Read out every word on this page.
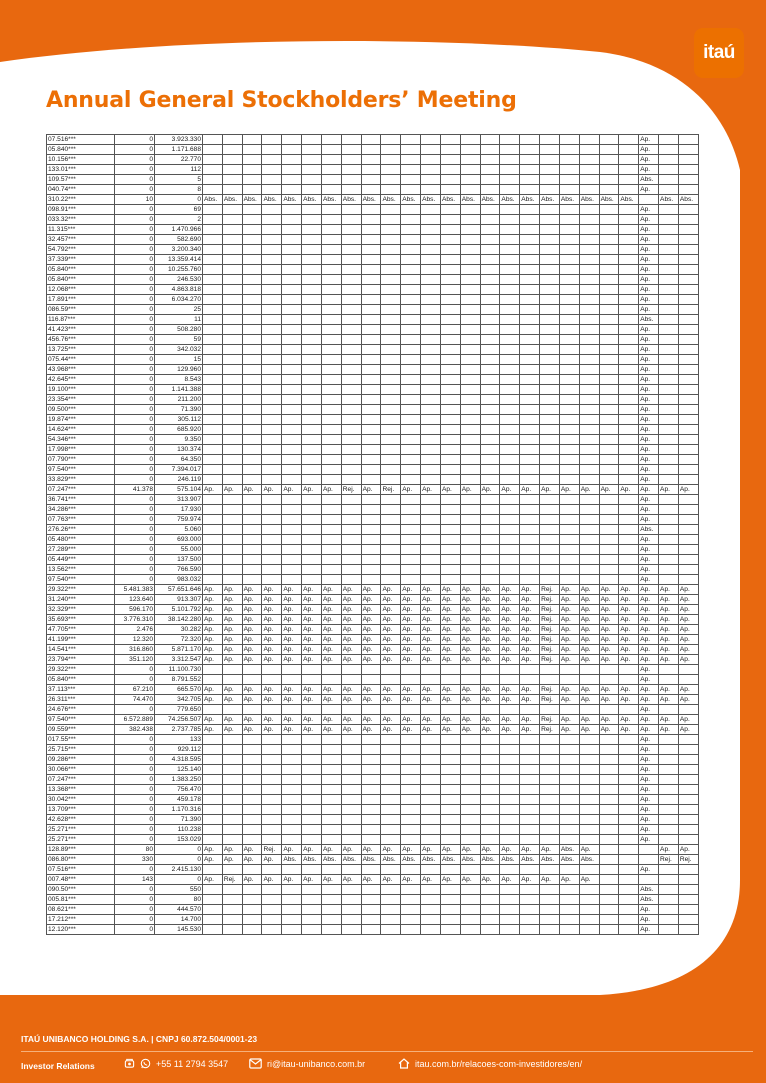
itaú
Annual General Stockholders’ Meeting
07.516***	0	3.923.330																							Ap.		
05.840***	0	1.171.688																							Ap.		
10.156***	0	22.770																							Ap.		
133.01***	0	112																							Ap.		
109.57***	0	5																							Abs.		
040.74***	0	8																							Ap.		
310.22***	10	0	Abs.	Abs.	Abs.	Abs.	Abs.	Abs.	Abs.	Abs.	Abs.	Abs.	Abs.	Abs.	Abs.	Abs.	Abs.	Abs.	Abs.	Abs.	Abs.	Abs.	Abs.	Abs.		Abs.	Abs.
098.91***	0	69																							Ap.		
033.32***	0	2																							Ap.		
11.315***	0	1.470.966																							Ap.		
32.457***	0	582.690																							Ap.		
54.792***	0	3.200.340																							Ap.		
37.339***	0	13.359.414																							Ap.		
05.840***	0	10.255.760																							Ap.		
05.840***	0	246.530																							Ap.		
12.068***	0	4.863.818																							Ap.		
17.891***	0	6.034.270																							Ap.		
086.59***	0	25																							Ap.		
116.87***	0	11																							Abs.		
41.423***	0	508.280																							Ap.		
456.76***	0	59																							Ap.		
13.725***	0	342.032																							Ap.		
075.44***	0	15																							Ap.		
43.968***	0	129.960																							Ap.		
42.645***	0	8.543																							Ap.		
19.100***	0	1.141.388																							Ap.		
23.354***	0	211.200																							Ap.		
09.500***	0	71.390																							Ap.		
19.874***	0	305.112																							Ap.		
14.624***	0	685.920																							Ap.		
54.346***	0	9.350																							Ap.		
17.998***	0	130.374																							Ap.		
07.790***	0	64.350																							Ap.		
97.540***	0	7.394.017																							Ap.		
33.829***	0	246.119																							Ap.		
07.247***	41.378	575.104	Ap.	Ap.	Ap.	Ap.	Ap.	Ap.	Ap.	Rej.	Ap.	Rej.	Ap.	Ap.	Ap.	Ap.	Ap.	Ap.	Ap.	Ap.	Ap.	Ap.	Ap.	Ap.	Ap.	Ap.	Ap.
36.741***	0	313.907																							Ap.		
34.286***	0	17.930																							Ap.		
07.763***	0	759.974																							Ap.		
276.26***	0	5.060																							Abs.		
05.480***	0	693.000																							Ap.		
27.289***	0	55.000																							Ap.		
05.449***	0	137.500																							Ap.		
13.562***	0	766.590																							Ap.		
97.540***	0	983.032																							Ap.		
29.322***	5.481.383	57.651.646	Ap.	Ap.	Ap.	Ap.	Ap.	Ap.	Ap.	Ap.	Ap.	Ap.	Ap.	Ap.	Ap.	Ap.	Ap.	Ap.	Ap.	Rej.	Ap.	Ap.	Ap.	Ap.	Ap.	Ap.	Ap.
31.240***	123.640	913.307	Ap.	Ap.	Ap.	Ap.	Ap.	Ap.	Ap.	Ap.	Ap.	Ap.	Ap.	Ap.	Ap.	Ap.	Ap.	Ap.	Ap.	Rej.	Ap.	Ap.	Ap.	Ap.	Ap.	Ap.	Ap.
32.329***	596.170	5.101.792	Ap.	Ap.	Ap.	Ap.	Ap.	Ap.	Ap.	Ap.	Ap.	Ap.	Ap.	Ap.	Ap.	Ap.	Ap.	Ap.	Ap.	Rej.	Ap.	Ap.	Ap.	Ap.	Ap.	Ap.	Ap.
35.693***	3.776.310	38.142.280	Ap.	Ap.	Ap.	Ap.	Ap.	Ap.	Ap.	Ap.	Ap.	Ap.	Ap.	Ap.	Ap.	Ap.	Ap.	Ap.	Ap.	Rej.	Ap.	Ap.	Ap.	Ap.	Ap.	Ap.	Ap.
47.705***	2.476	30.282	Ap.	Ap.	Ap.	Ap.	Ap.	Ap.	Ap.	Ap.	Ap.	Ap.	Ap.	Ap.	Ap.	Ap.	Ap.	Ap.	Ap.	Rej.	Ap.	Ap.	Ap.	Ap.	Ap.	Ap.	Ap.
41.199***	12.320	72.320	Ap.	Ap.	Ap.	Ap.	Ap.	Ap.	Ap.	Ap.	Ap.	Ap.	Ap.	Ap.	Ap.	Ap.	Ap.	Ap.	Ap.	Rej.	Ap.	Ap.	Ap.	Ap.	Ap.	Ap.	Ap.
14.541***	316.860	5.871.170	Ap.	Ap.	Ap.	Ap.	Ap.	Ap.	Ap.	Ap.	Ap.	Ap.	Ap.	Ap.	Ap.	Ap.	Ap.	Ap.	Ap.	Rej.	Ap.	Ap.	Ap.	Ap.	Ap.	Ap.	Ap.
23.794***	351.120	3.312.547	Ap.	Ap.	Ap.	Ap.	Ap.	Ap.	Ap.	Ap.	Ap.	Ap.	Ap.	Ap.	Ap.	Ap.	Ap.	Ap.	Ap.	Rej.	Ap.	Ap.	Ap.	Ap.	Ap.	Ap.	Ap.
29.322***	0	11.100.730																							Ap.		
05.840***	0	8.791.552																							Ap.		
37.113***	67.210	665.570	Ap.	Ap.	Ap.	Ap.	Ap.	Ap.	Ap.	Ap.	Ap.	Ap.	Ap.	Ap.	Ap.	Ap.	Ap.	Ap.	Ap.	Rej.	Ap.	Ap.	Ap.	Ap.	Ap.	Ap.	Ap.
26.311***	74.470	342.705	Ap.	Ap.	Ap.	Ap.	Ap.	Ap.	Ap.	Ap.	Ap.	Ap.	Ap.	Ap.	Ap.	Ap.	Ap.	Ap.	Ap.	Rej.	Ap.	Ap.	Ap.	Ap.	Ap.	Ap.	Ap.
24.676***	0	779.650																							Ap.		
97.540***	6.572.889	74.256.507	Ap.	Ap.	Ap.	Ap.	Ap.	Ap.	Ap.	Ap.	Ap.	Ap.	Ap.	Ap.	Ap.	Ap.	Ap.	Ap.	Ap.	Rej.	Ap.	Ap.	Ap.	Ap.	Ap.	Ap.	Ap.
09.559***	382.438	2.737.785	Ap.	Ap.	Ap.	Ap.	Ap.	Ap.	Ap.	Ap.	Ap.	Ap.	Ap.	Ap.	Ap.	Ap.	Ap.	Ap.	Ap.	Rej.	Ap.	Ap.	Ap.	Ap.	Ap.	Ap.	Ap.
017.55***	0	133																							Ap.		
25.715***	0	929.112																							Ap.		
09.286***	0	4.318.595																							Ap.		
30.066***	0	125.140																							Ap.		
07.247***	0	1.383.250																							Ap.		
13.368***	0	756.470																							Ap.		
30.042***	0	459.178																							Ap.		
13.709***	0	1.170.316																							Ap.		
42.628***	0	71.390																							Ap.		
25.271***	0	110.238																							Ap.		
25.271***	0	153.029																							Ap.		
128.89***	80	0	Ap.	Ap.	Ap.	Rej.	Ap.	Ap.	Ap.	Ap.	Ap.	Ap.	Ap.	Ap.	Ap.	Ap.	Ap.	Ap.	Ap.	Ap.	Abs.	Ap.				Ap.	Ap.
086.80***	330	0	Ap.	Ap.	Ap.	Ap.	Abs.	Abs.	Abs.	Abs.	Abs.	Abs.	Abs.	Abs.	Abs.	Abs.	Abs.	Abs.	Abs.	Abs.	Abs.	Abs.				Rej.	Rej.
07.516***	0	2.415.130																							Ap.		
007.48***	143	0	Ap.	Rej.	Ap.	Ap.	Ap.	Ap.	Ap.	Ap.	Ap.	Ap.	Ap.	Ap.	Ap.	Ap.	Ap.	Ap.	Ap.	Ap.	Ap.	Ap.					
090.50***	0	550																							Abs.		
005.81***	0	80																							Abs.		
08.621***	0	444.570																							Ap.		
17.212***	0	14.700																							Ap.		
12.120***	0	145.530																							Ap.		
ITAÚ UNIBANCO HOLDING S.A. | CNPJ 60.872.504/0001-23
Investor Relations	+55 11 2794 3547	ri@itau-unibanco.com.br	itau.com.br/relacoes-com-investidores/en/
